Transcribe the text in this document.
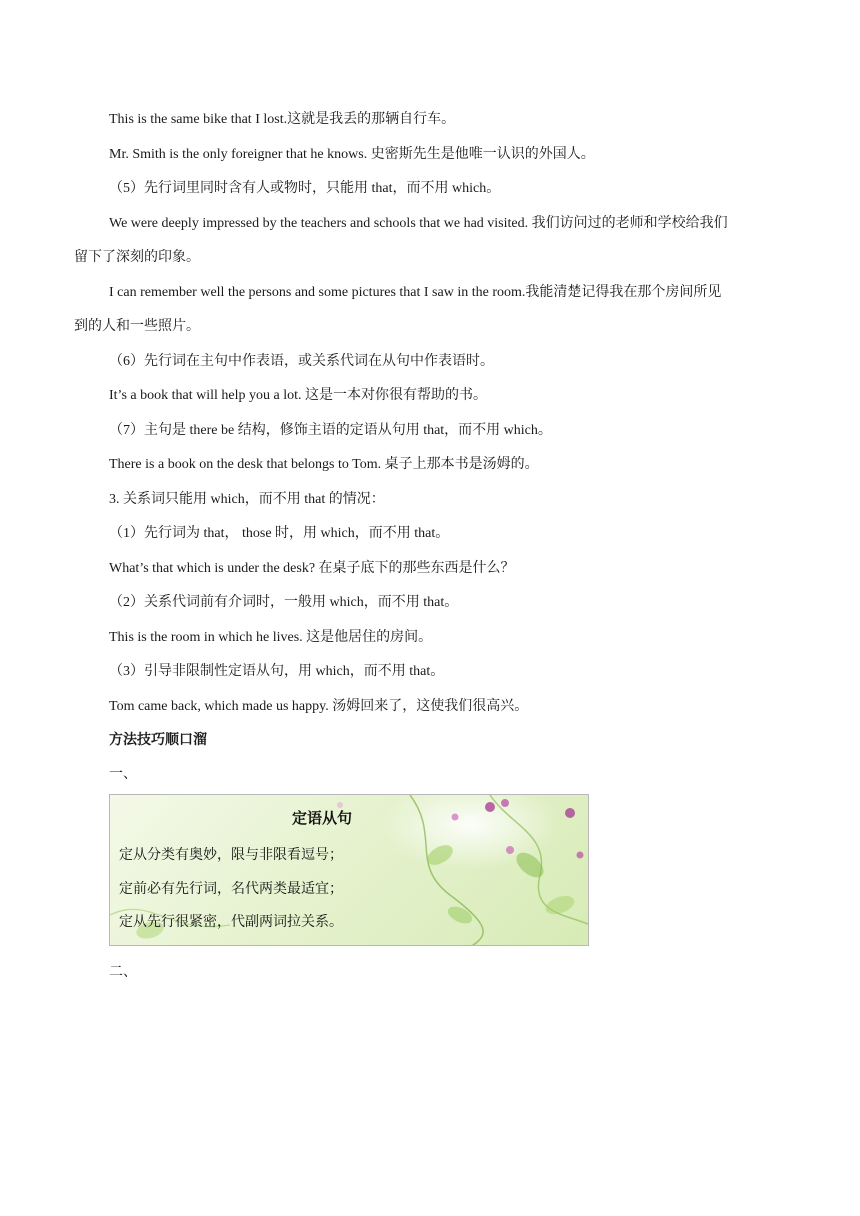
This is the same bike that I lost.这就是我丢的那辆自行车。
Mr. Smith is the only foreigner that he knows. 史密斯先生是他唯一认识的外国人。
（5）先行词里同时含有人或物时，只能用 that，而不用 which。
We were deeply impressed by the teachers and schools that we had visited. 我们访问过的老师和学校给我们
留下了深刻的印象。
I can remember well the persons and some pictures that I saw in the room.我能清楚记得我在那个房间所见
到的人和一些照片。
（6）先行词在主句中作表语，或关系代词在从句中作表语时。
It’s a book that will help you a lot. 这是一本对你很有帮助的书。
（7）主句是 there be 结构，修饰主语的定语从句用 that，而不用 which。
There is a book on the desk that belongs to Tom. 桌子上那本书是汤姆的。
3. 关系词只能用 which，而不用 that 的情况：
（1）先行词为 that， those 时，用 which，而不用 that。
What’s that which is under the desk? 在桌子底下的那些东西是什么？
（2）关系代词前有介词时，一般用 which，而不用 that。
This is the room in which he lives. 这是他居住的房间。
（3）引导非限制性定语从句，用 which，而不用 that。
Tom came back, which made us happy. 汤姆回来了，这使我们很高兴。
方法技巧顺口溜
一、
定语从句
定从分类有奥妙，限与非限看逗号；
定前必有先行词，名代两类最适宜；
定从先行很紧密，代副两词拉关系。
二、
